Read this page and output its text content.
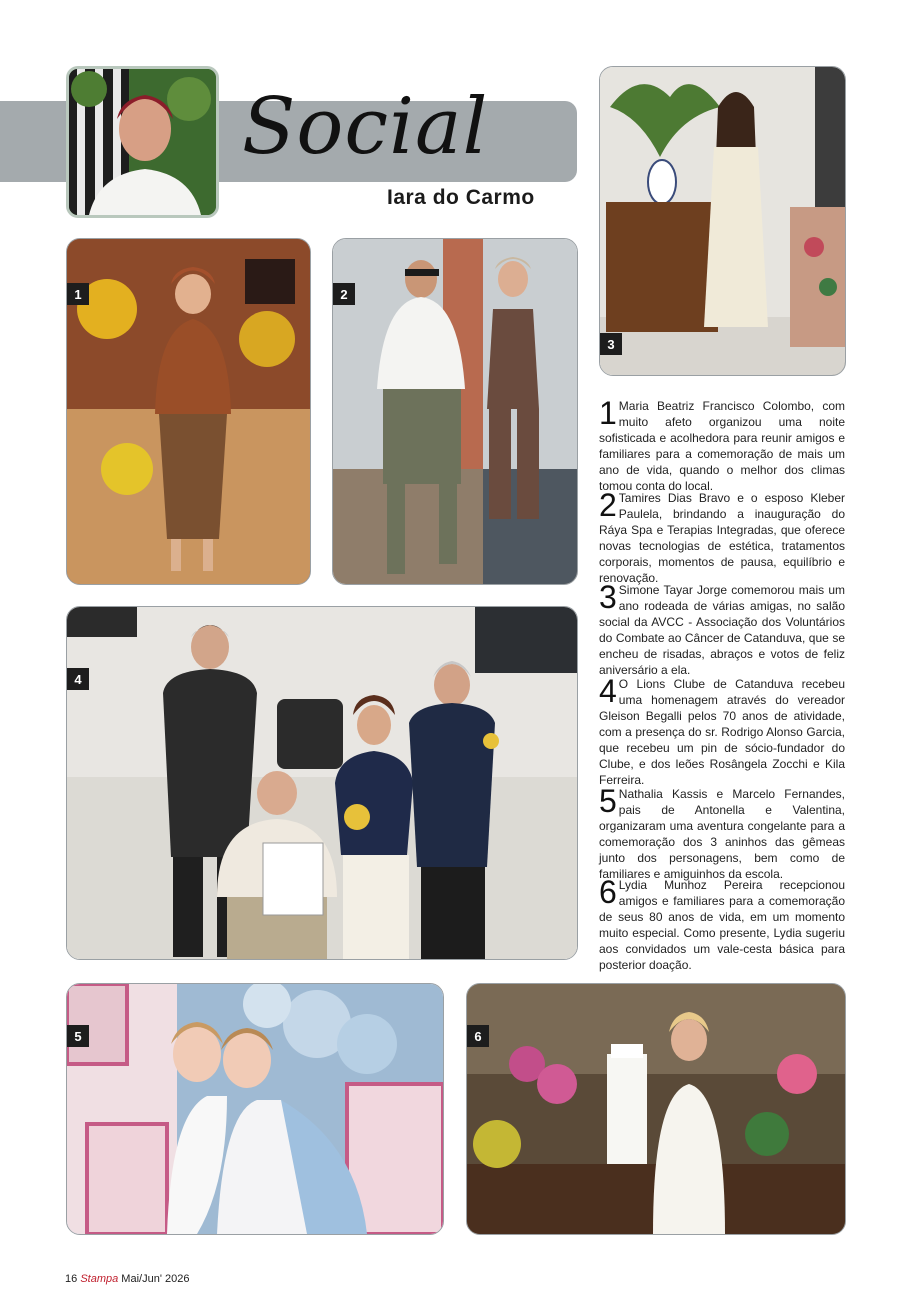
Social
Iara do Carmo
1	2
3
4
5	6
1 Maria Beatriz Francisco Colombo, com muito afeto organizou uma noite sofisticada e acolhedora para reunir amigos e familiares para a comemoração de mais um ano de vida, quando o melhor dos climas tomou conta do local.
2 Tamires Dias Bravo e o esposo Kleber Paulela, brindando a inauguração do Ráya Spa e Terapias Integradas, que oferece novas tecnologias de estética, tratamentos corporais, momentos de pausa, equilíbrio e renovação.
3 Simone Tayar Jorge comemorou mais um ano rodeada de várias amigas, no salão social da AVCC - Associação dos Voluntários do Combate ao Câncer de Catanduva, que se encheu de risadas, abraços e votos de feliz aniversário a ela.
4 O Lions Clube de Catanduva recebeu uma homenagem através do vereador Gleison Begalli pelos 70 anos de atividade, com a presença do sr. Rodrigo Alonso Garcia, que recebeu um pin de sócio-fundador do Clube, e dos leões Rosângela Zocchi e Kila Ferreira.
5 Nathalia Kassis e Marcelo Fernandes, pais de Antonella e Valentina, organizaram uma aventura congelante para a comemoração dos 3 aninhos das gêmeas junto dos personagens, bem como de familiares e amiguinhos da escola.
6 Lydia Munhoz Pereira recepcionou amigos e familiares para a comemoração de seus 80 anos de vida, em um momento muito especial. Como presente, Lydia sugeriu aos convidados um vale-cesta básica para posterior doação.
16 Stampa Mai/Jun' 2026
